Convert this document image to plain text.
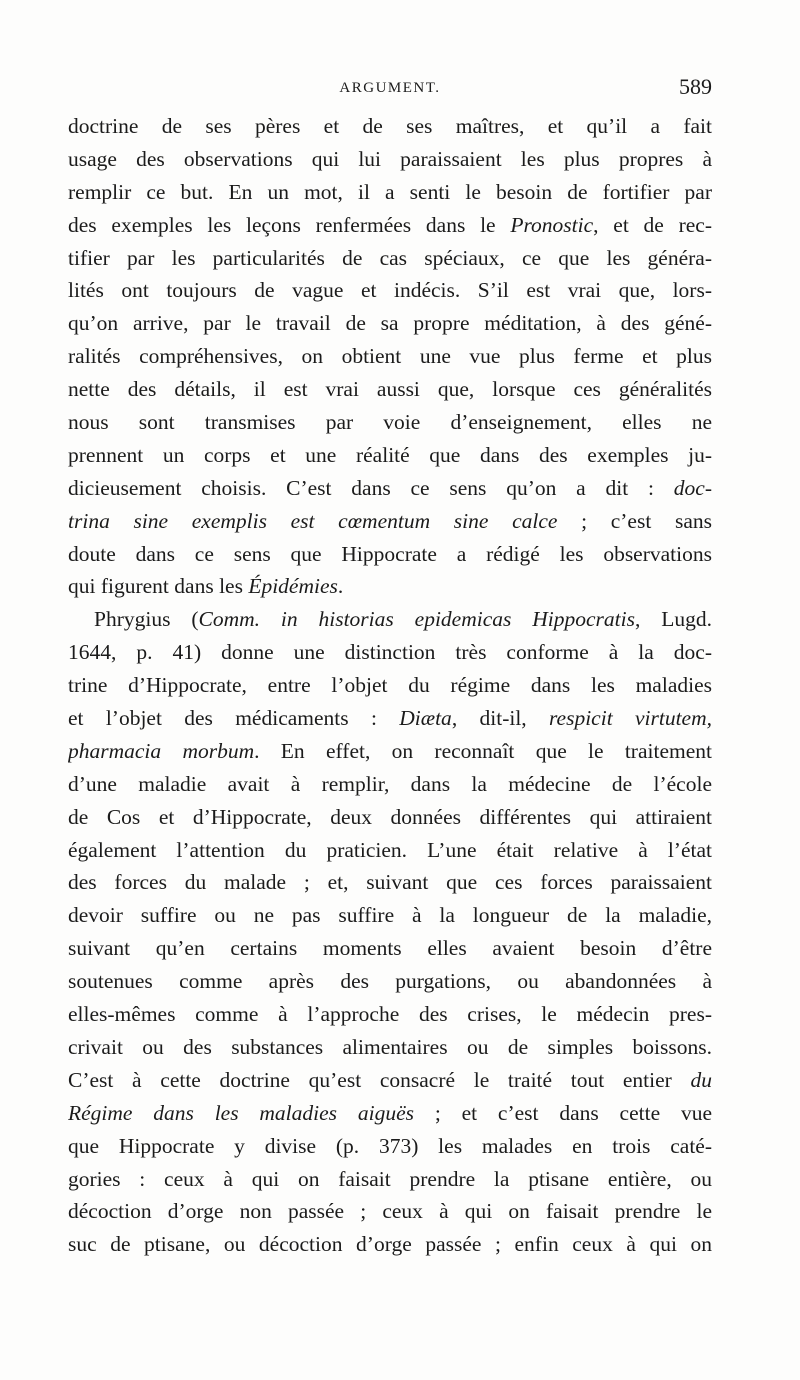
ARGUMENT.	589
doctrine de ses pères et de ses maîtres, et qu’il a fait
usage des observations qui lui paraissaient les plus propres à
remplir ce but. En un mot, il a senti le besoin de fortifier par
des exemples les leçons renfermées dans le Pronostic, et de rec-
tifier par les particularités de cas spéciaux, ce que les généra-
lités ont toujours de vague et indécis. S’il est vrai que, lors-
qu’on arrive, par le travail de sa propre méditation, à des géné-
ralités compréhensives, on obtient une vue plus ferme et plus
nette des détails, il est vrai aussi que, lorsque ces généralités
nous sont transmises par voie d’enseignement, elles ne
prennent un corps et une réalité que dans des exemples ju-
dicieusement choisis. C’est dans ce sens qu’on a dit : doc-
trina sine exemplis est cœmentum sine calce ; c’est sans
doute dans ce sens que Hippocrate a rédigé les observations
qui figurent dans les Épidémies.
Phrygius (Comm. in historias epidemicas Hippocratis, Lugd.
1644, p. 41) donne une distinction très conforme à la doc-
trine d’Hippocrate, entre l’objet du régime dans les maladies
et l’objet des médicaments : Diæta, dit-il, respicit virtutem,
pharmacia morbum. En effet, on reconnaît que le traitement
d’une maladie avait à remplir, dans la médecine de l’école
de Cos et d’Hippocrate, deux données différentes qui attiraient
également l’attention du praticien. L’une était relative à l’état
des forces du malade ; et, suivant que ces forces paraissaient
devoir suffire ou ne pas suffire à la longueur de la maladie,
suivant qu’en certains moments elles avaient besoin d’être
soutenues comme après des purgations, ou abandonnées à
elles-mêmes comme à l’approche des crises, le médecin pres-
crivait ou des substances alimentaires ou de simples boissons.
C’est à cette doctrine qu’est consacré le traité tout entier du
Régime dans les maladies aiguës ; et c’est dans cette vue
que Hippocrate y divise (p. 373) les malades en trois caté-
gories : ceux à qui on faisait prendre la ptisane entière, ou
décoction d’orge non passée ; ceux à qui on faisait prendre le
suc de ptisane, ou décoction d’orge passée ; enfin ceux à qui on
